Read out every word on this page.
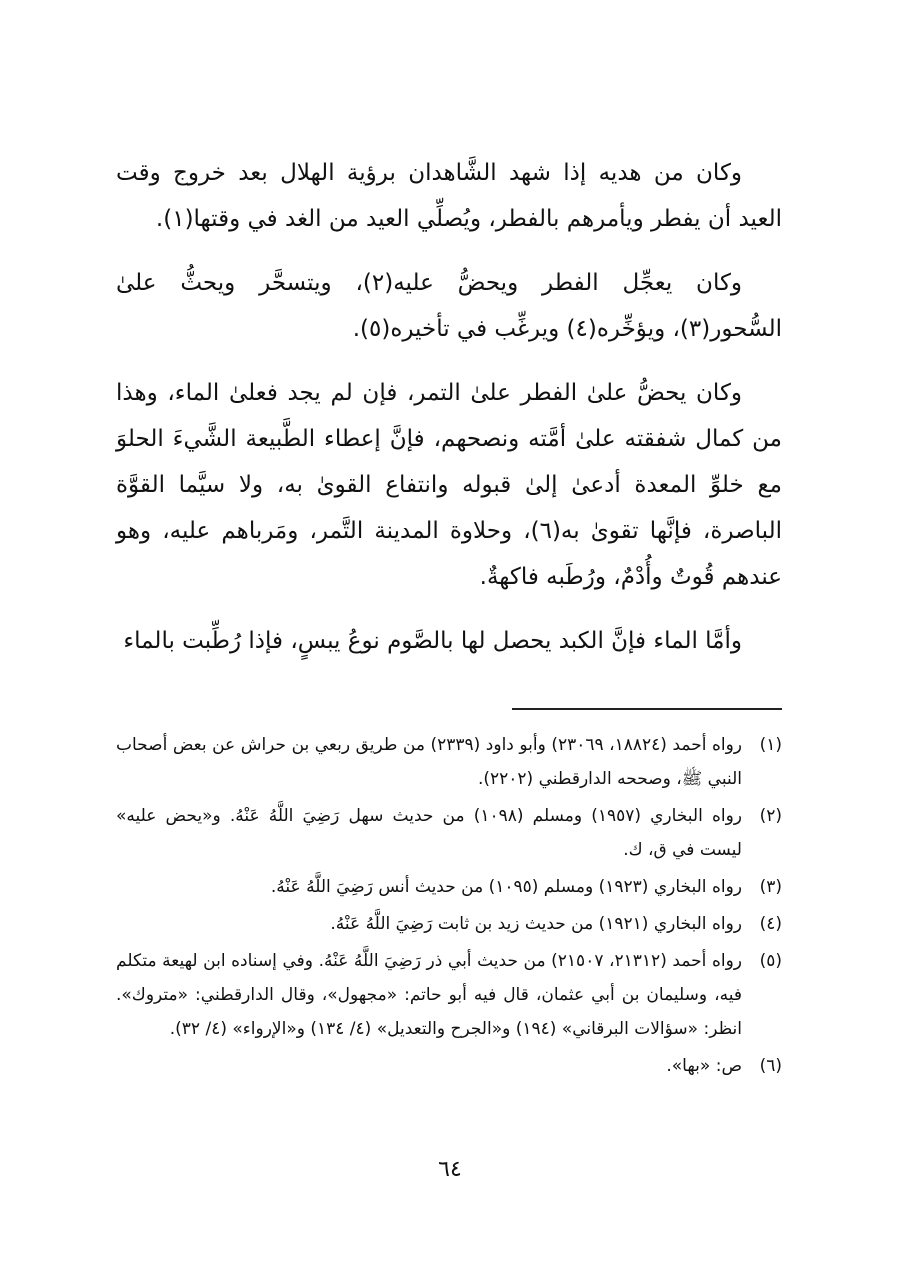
وكان من هديه إذا شهد الشَّاهدان برؤية الهلال بعد خروج وقت العيد أن يفطر ويأمرهم بالفطر، ويُصلِّي العيد من الغد في وقتها(١).

وكان يعجِّل الفطر ويحضُّ عليه(٢)، ويتسحَّر ويحثُّ علىٰ السُّحور(٣)، ويؤخِّره(٤) ويرغِّب في تأخيره(٥).

وكان يحضُّ علىٰ الفطر علىٰ التمر، فإن لم يجد فعلىٰ الماء، وهذا من كمال شفقته علىٰ أمَّته ونصحهم، فإنَّ إعطاء الطَّبيعة الشَّيءَ الحلوَ مع خلوِّ المعدة أدعىٰ إلىٰ قبوله وانتفاع القوىٰ به، ولا سيَّما القوَّة الباصرة، فإنَّها تقوىٰ به(٦)، وحلاوة المدينة التَّمر، ومَرباهم عليه، وهو عندهم قُوتٌ وأُدْمٌ، ورُطَبه فاكهةٌ.

وأمَّا الماء فإنَّ الكبد يحصل لها بالصَّوم نوعُ يبسٍ، فإذا رُطِّبت بالماء

(١)
رواه أحمد (١٨٨٢٤، ٢٣٠٦٩) وأبو داود (٢٣٣٩) من طريق ربعي بن حراش عن بعض أصحاب النبي ﷺ، وصححه الدارقطني (٢٢٠٢).
(٢)
رواه البخاري (١٩٥٧) ومسلم (١٠٩٨) من حديث سهل رَضِيَ اللَّهُ عَنْهُ. و«يحض عليه» ليست في ق، ك.
(٣)
رواه البخاري (١٩٢٣) ومسلم (١٠٩٥) من حديث أنس رَضِيَ اللَّهُ عَنْهُ.
(٤)
رواه البخاري (١٩٢١) من حديث زيد بن ثابت رَضِيَ اللَّهُ عَنْهُ.
(٥)
رواه أحمد (٢١٣١٢، ٢١٥٠٧) من حديث أبي ذر رَضِيَ اللَّهُ عَنْهُ. وفي إسناده ابن لهيعة متكلم فيه، وسليمان بن أبي عثمان، قال فيه أبو حاتم: «مجهول»، وقال الدارقطني: «متروك». انظر: «سؤالات البرقاني» (١٩٤) و«الجرح والتعديل» (٤/ ١٣٤) و«الإرواء» (٤/ ٣٢).
(٦)
ص: «بها».
٦٤
